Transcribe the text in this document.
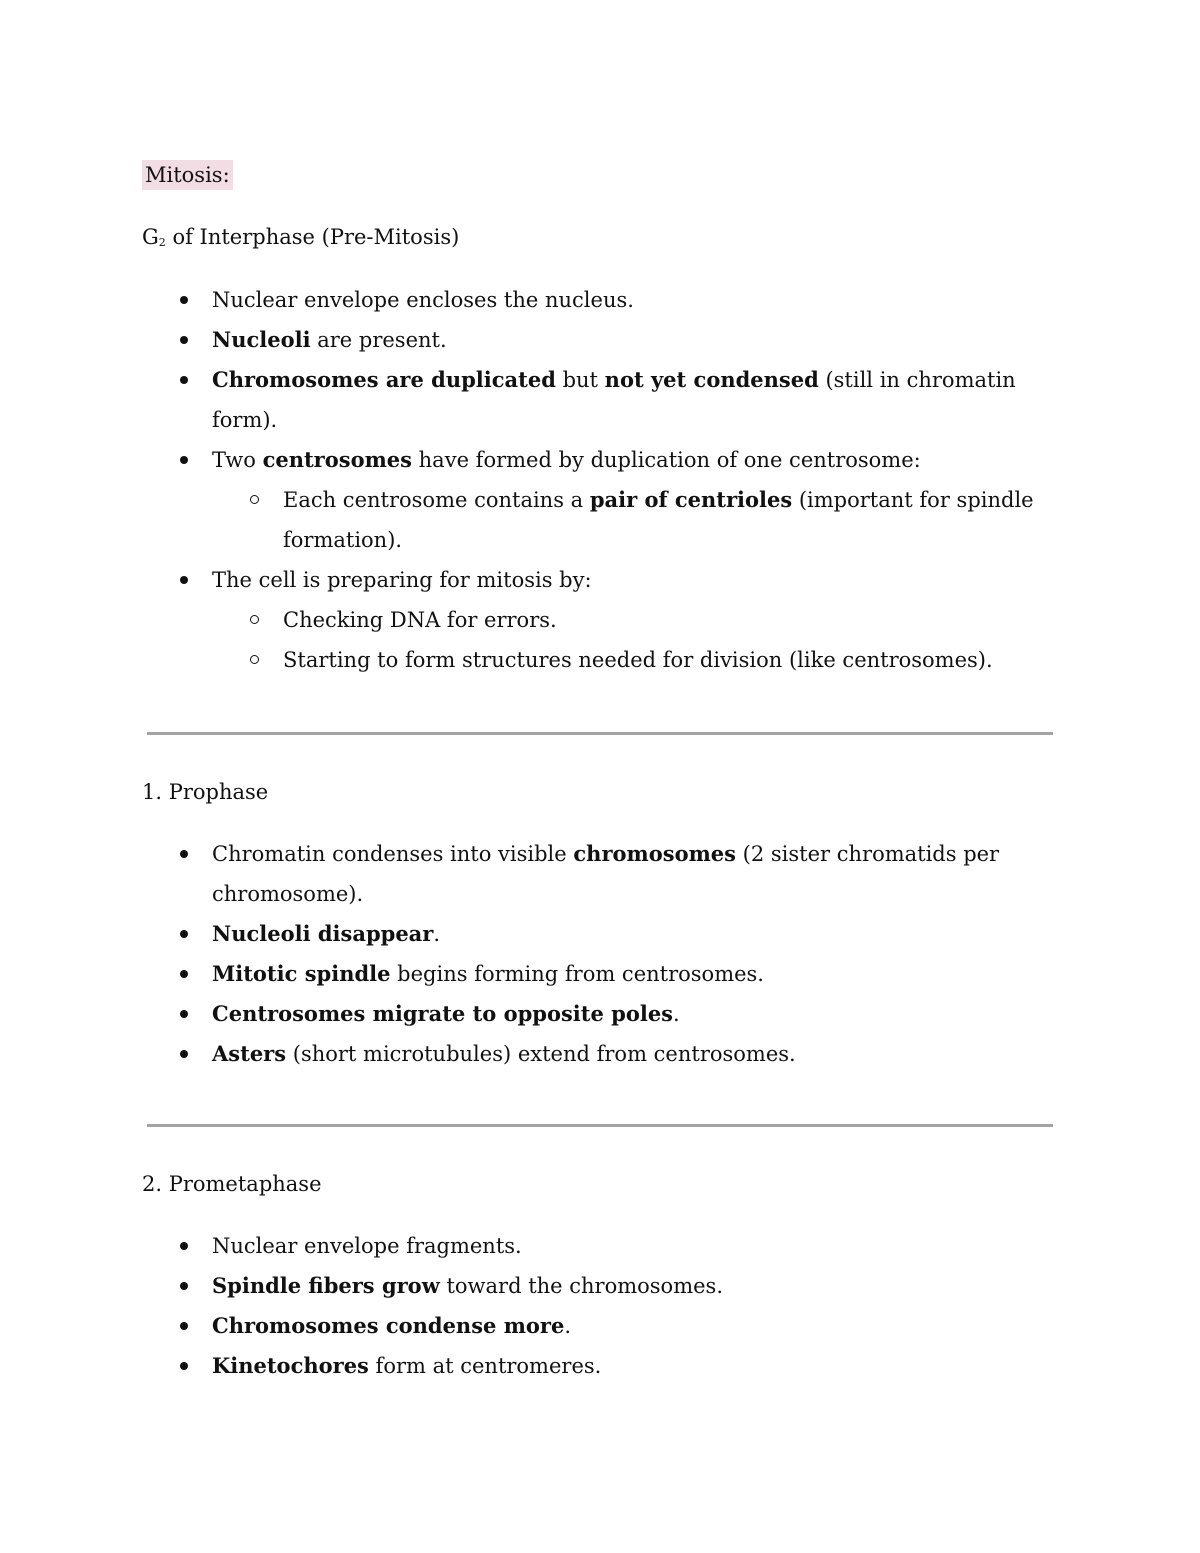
Mitosis:
$G_2$ of Interphase (Pre-Mitosis)
Nuclear envelope encloses the nucleus.
Nucleoli are present.
Chromosomes are duplicated but not yet condensed (still in chromatin form).
Two centrosomes have formed by duplication of one centrosome:
Each centrosome contains a pair of centrioles (important for spindle formation).
The cell is preparing for mitosis by:
Checking DNA for errors.
Starting to form structures needed for division (like centrosomes).
1. Prophase
Chromatin condenses into visible chromosomes (2 sister chromatids per chromosome).
Nucleoli disappear.
Mitotic spindle begins forming from centrosomes.
Centrosomes migrate to opposite poles.
Asters (short microtubules) extend from centrosomes.
2. Prometaphase
Nuclear envelope fragments.
Spindle fibers grow toward the chromosomes.
Chromosomes condense more.
Kinetochores form at centromeres.
